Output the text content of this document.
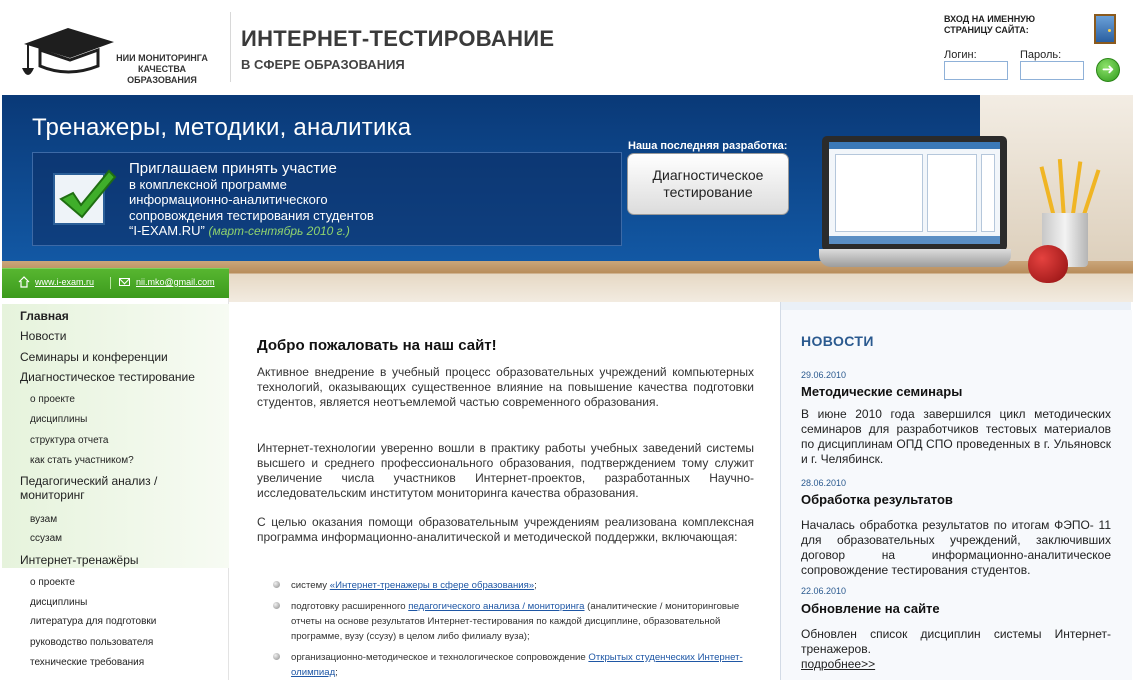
НИИ МОНИТОРИНГА КАЧЕСТВА ОБРАЗОВАНИЯ
ИНТЕРНЕТ-ТЕСТИРОВАНИЕ
В СФЕРЕ ОБРАЗОВАНИЯ
ВХОД НА ИМЕННУЮ СТРАНИЦУ САЙТА:
Логин:	Пароль:
➜
Тренажеры, методики, аналитика
Приглашаем принять участие
в комплексной программе
информационно-аналитического
сопровождения тестирования студентов
“I-EXAM.RU” (март-сентябрь 2010 г.)
Наша последняя разработка:
Диагностическое тестирование
www.i-exam.ru	nii.mko@gmail.com
Главная
Новости
Семинары и конференции
Диагностическое тестирование
о проекте
дисциплины
структура отчета
как стать участником?
Педагогический анализ / мониторинг
вузам
ссузам
Интернет-тренажёры
о проекте
дисциплины
литература для подготовки
руководство пользователя
технические требования
Добро пожаловать на наш сайт!
Активное внедрение в учебный процесс образовательных учреждений компьютерных технологий, оказывающих существенное влияние на повышение качества подготовки студентов, является неотъемлемой частью современного образования.
Интернет-технологии уверенно вошли в практику работы учебных заведений системы высшего и среднего профессионального образования, подтверждением тому служит увеличение числа участников Интернет-проектов, разработанных Научно-исследовательским институтом мониторинга качества образования.
С целью оказания помощи образовательным учреждениям реализована комплексная программа информационно-аналитической и методической поддержки, включающая:
систему «Интернет-тренажеры в сфере образования»;
подготовку расширенного педагогического анализа / мониторинга (аналитические / мониторинговые отчеты на основе результатов Интернет-тестирования по каждой дисциплине, образовательной программе, вузу (ссузу) в целом либо филиалу вуза);
организационно-методическое и технологическое сопровождение Открытых студенческих Интернет-олимпиад;
НОВОСТИ
29.06.2010
Методические семинары
В июне 2010 года завершился цикл методических семинаров для разработчиков тестовых материалов по дисциплинам ОПД СПО проведенных в г. Ульяновск и г. Челябинск.
28.06.2010
Обработка результатов
Началась обработка результатов по итогам ФЭПО- 11 для образовательных учреждений, заключивших договор на информационно-аналитическое сопровождение тестирования студентов.
22.06.2010
Обновление на сайте
Обновлен список дисциплин системы Интернет-тренажеров.
подробнее>>
